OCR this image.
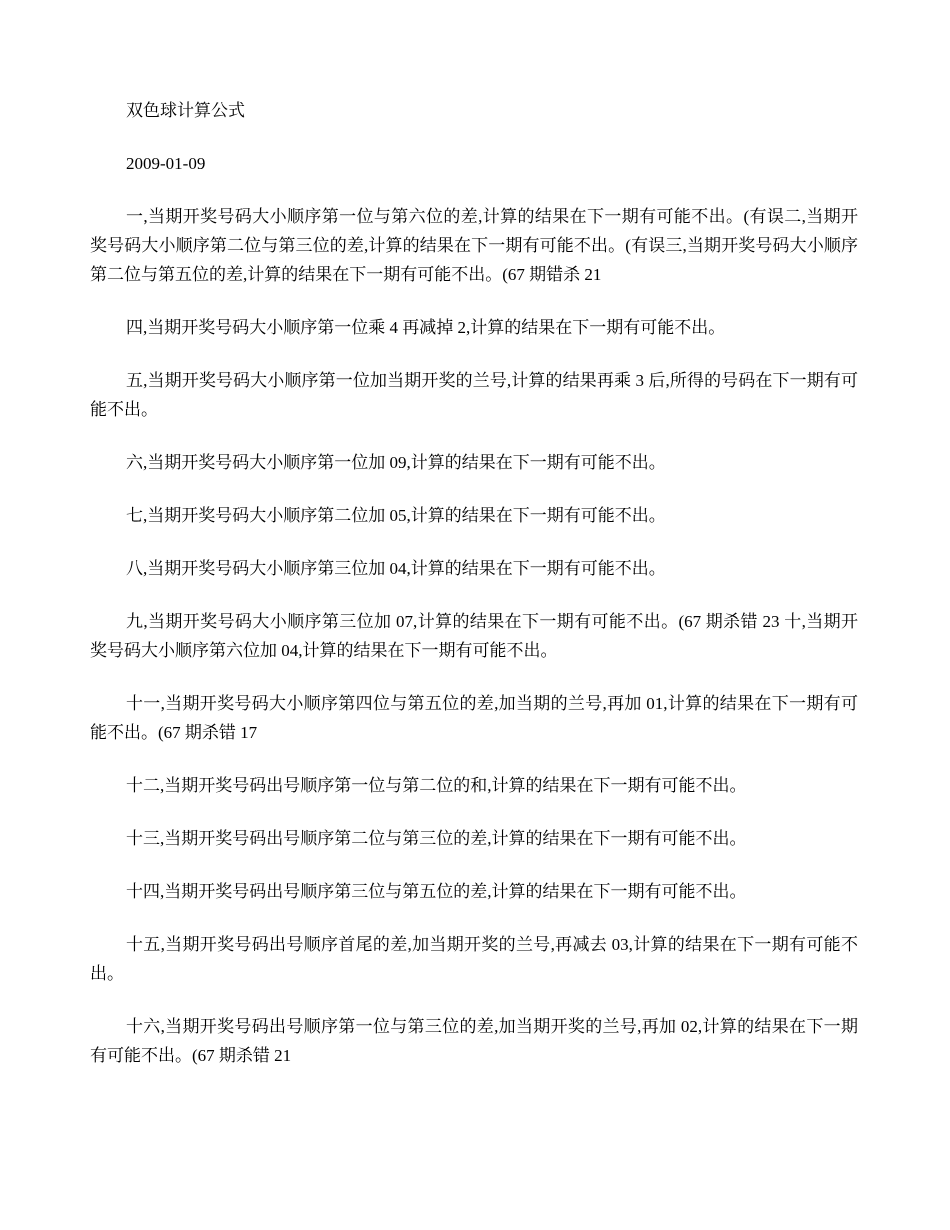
双色球计算公式

2009-01-09

一,当期开奖号码大小顺序第一位与第六位的差,计算的结果在下一期有可能不出。(有误二,当期开奖号码大小顺序第二位与第三位的差,计算的结果在下一期有可能不出。(有误三,当期开奖号码大小顺序第二位与第五位的差,计算的结果在下一期有可能不出。(67 期错杀 21

四,当期开奖号码大小顺序第一位乘 4 再减掉 2,计算的结果在下一期有可能不出。

五,当期开奖号码大小顺序第一位加当期开奖的兰号,计算的结果再乘 3 后,所得的号码在下一期有可能不出。

六,当期开奖号码大小顺序第一位加 09,计算的结果在下一期有可能不出。

七,当期开奖号码大小顺序第二位加 05,计算的结果在下一期有可能不出。

八,当期开奖号码大小顺序第三位加 04,计算的结果在下一期有可能不出。

九,当期开奖号码大小顺序第三位加 07,计算的结果在下一期有可能不出。(67 期杀错 23 十,当期开奖号码大小顺序第六位加 04,计算的结果在下一期有可能不出。

十一,当期开奖号码大小顺序第四位与第五位的差,加当期的兰号,再加 01,计算的结果在下一期有可能不出。(67 期杀错 17

十二,当期开奖号码出号顺序第一位与第二位的和,计算的结果在下一期有可能不出。

十三,当期开奖号码出号顺序第二位与第三位的差,计算的结果在下一期有可能不出。

十四,当期开奖号码出号顺序第三位与第五位的差,计算的结果在下一期有可能不出。

十五,当期开奖号码出号顺序首尾的差,加当期开奖的兰号,再减去 03,计算的结果在下一期有可能不出。

十六,当期开奖号码出号顺序第一位与第三位的差,加当期开奖的兰号,再加 02,计算的结果在下一期有可能不出。(67 期杀错 21
